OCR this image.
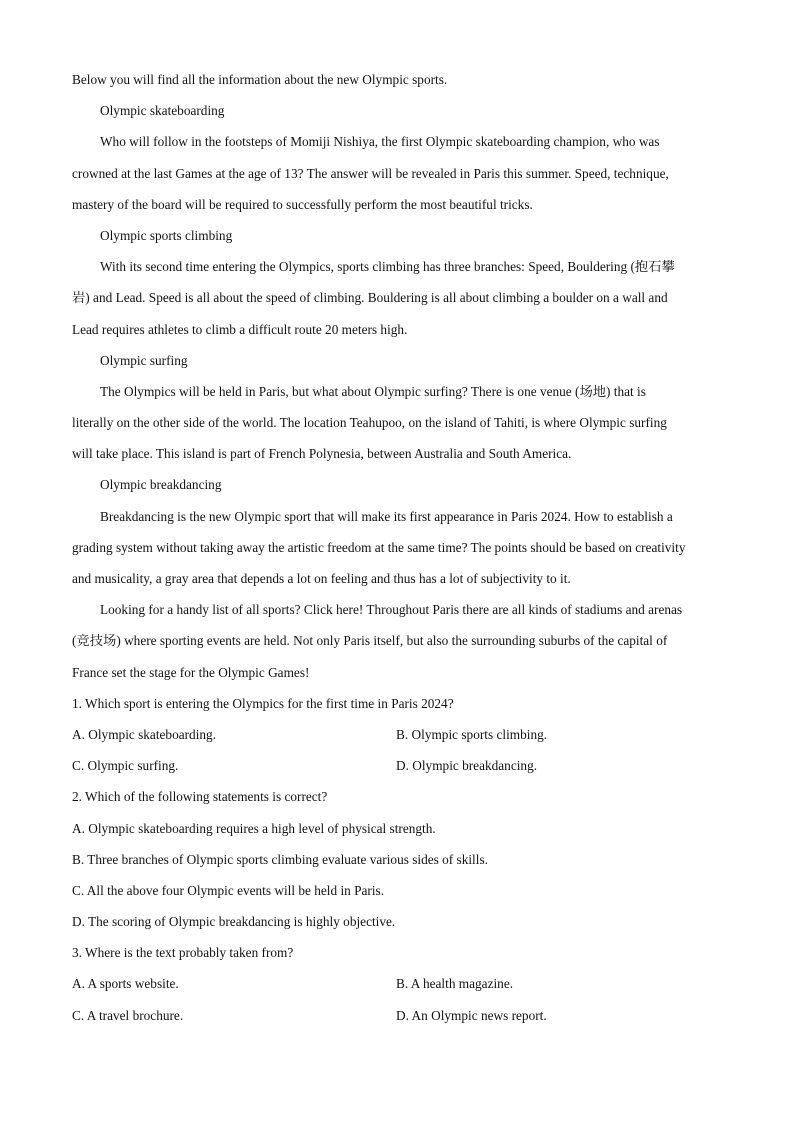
Below you will find all the information about the new Olympic sports.
Olympic skateboarding
Who will follow in the footsteps of Momiji Nishiya, the first Olympic skateboarding champion, who was
crowned at the last Games at the age of 13? The answer will be revealed in Paris this summer. Speed, technique,
mastery of the board will be required to successfully perform the most beautiful tricks.
Olympic sports climbing
With its second time entering the Olympics, sports climbing has three branches: Speed, Bouldering (抱石攀
岩) and Lead. Speed is all about the speed of climbing. Bouldering is all about climbing a boulder on a wall and
Lead requires athletes to climb a difficult route 20 meters high.
Olympic surfing
The Olympics will be held in Paris, but what about Olympic surfing? There is one venue (场地) that is
literally on the other side of the world. The location Teahupoo, on the island of Tahiti, is where Olympic surfing
will take place. This island is part of French Polynesia, between Australia and South America.
Olympic breakdancing
Breakdancing is the new Olympic sport that will make its first appearance in Paris 2024. How to establish a
grading system without taking away the artistic freedom at the same time? The points should be based on creativity
and musicality, a gray area that depends a lot on feeling and thus has a lot of subjectivity to it.
Looking for a handy list of all sports? Click here! Throughout Paris there are all kinds of stadiums and arenas
(竞技场) where sporting events are held. Not only Paris itself, but also the surrounding suburbs of the capital of
France set the stage for the Olympic Games!
1. Which sport is entering the Olympics for the first time in Paris 2024?
A. Olympic skateboarding.	B. Olympic sports climbing.
C. Olympic surfing.	D. Olympic breakdancing.
2. Which of the following statements is correct?
A. Olympic skateboarding requires a high level of physical strength.
B. Three branches of Olympic sports climbing evaluate various sides of skills.
C. All the above four Olympic events will be held in Paris.
D. The scoring of Olympic breakdancing is highly objective.
3. Where is the text probably taken from?
A. A sports website.	B. A health magazine.
C. A travel brochure.	D. An Olympic news report.
